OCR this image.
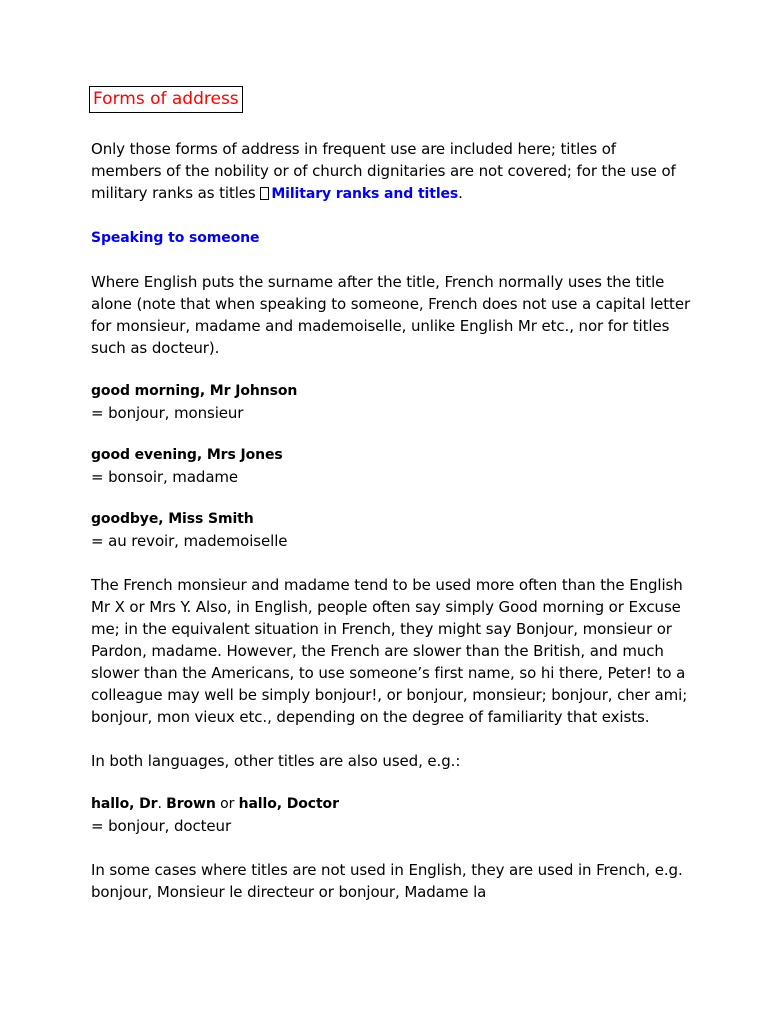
Forms of address

Only those forms of address in frequent use are included here; titles of members of the nobility or of church dignitaries are not covered; for the use of military ranks as titles Military ranks and titles.

Speaking to someone

Where English puts the surname after the title, French normally uses the title alone (note that when speaking to someone, French does not use a capital letter for monsieur, madame and mademoiselle, unlike English Mr etc., nor for titles such as docteur).

good morning, Mr Johnson

= bonjour, monsieur

good evening, Mrs Jones

= bonsoir, madame

goodbye, Miss Smith

= au revoir, mademoiselle

The French monsieur and madame tend to be used more often than the English Mr X or Mrs Y. Also, in English, people often say simply Good morning or Excuse me; in the equivalent situation in French, they might say Bonjour, monsieur or Pardon, madame. However, the French are slower than the British, and much slower than the Americans, to use someone’s first name, so hi there, Peter! to a colleague may well be simply bonjour!, or bonjour, monsieur; bonjour, cher ami; bonjour, mon vieux etc., depending on the degree of familiarity that exists.

In both languages, other titles are also used, e.g.:

hallo, Dr. Brown or hallo, Doctor

= bonjour, docteur

In some cases where titles are not used in English, they are used in French, e.g. bonjour, Monsieur le directeur or bonjour, Madame la
